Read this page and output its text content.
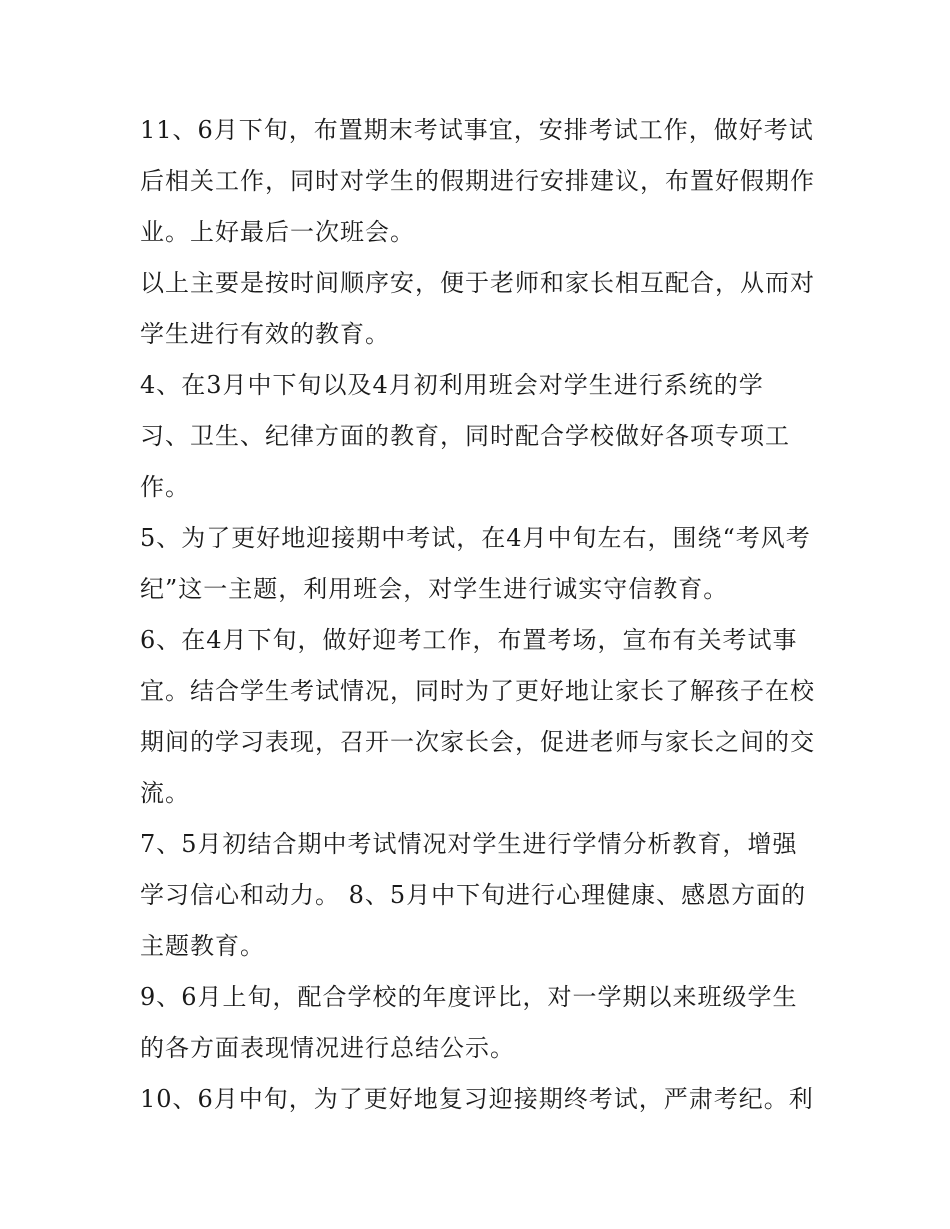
11、6月下旬，布置期末考试事宜，安排考试工作，做好考试
后相关工作，同时对学生的假期进行安排建议，布置好假期作
业。上好最后一次班会。

以上主要是按时间顺序安，便于老师和家长相互配合，从而对
学生进行有效的教育。

4、在3月中下旬以及4月初利用班会对学生进行系统的学
习、卫生、纪律方面的教育，同时配合学校做好各项专项工
作。

5、为了更好地迎接期中考试，在4月中旬左右，围绕“考风考
纪”这一主题，利用班会，对学生进行诚实守信教育。

6、在4月下旬，做好迎考工作，布置考场，宣布有关考试事
宜。结合学生考试情况，同时为了更好地让家长了解孩子在校
期间的学习表现，召开一次家长会，促进老师与家长之间的交
流。

7、5月初结合期中考试情况对学生进行学情分析教育，增强
学习信心和动力。 8、5月中下旬进行心理健康、感恩方面的
主题教育。

9、6月上旬，配合学校的年度评比，对一学期以来班级学生
的各方面表现情况进行总结公示。

10、6月中旬，为了更好地复习迎接期终考试，严肃考纪。利
